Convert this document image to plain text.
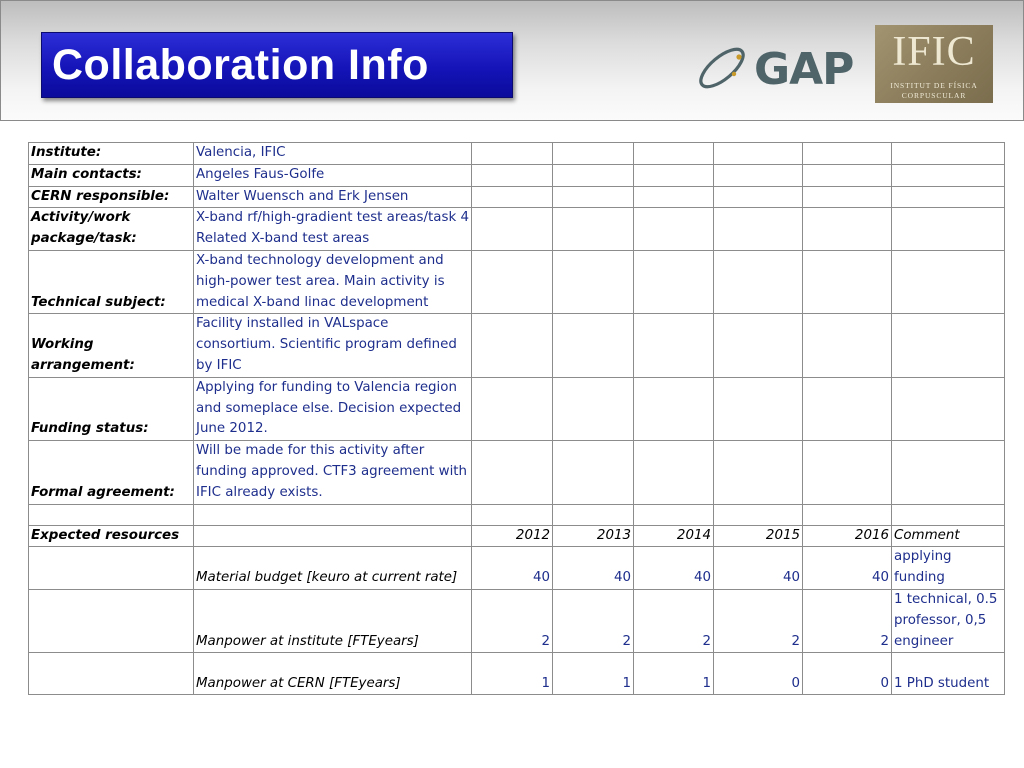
Collaboration Info	GAP IFIC
INSTITUT DE FÍSICA
CORPUSCULAR
Institute:	Valencia, IFIC						
Main contacts:	Angeles Faus-Golfe						
CERN responsible:	Walter Wuensch and Erk Jensen						
Activity/work package/task:	X-band rf/high-gradient test areas/task 4 Related X-band test areas						
Technical subject:	X-band technology development and high-power test area. Main activity is medical X-band linac development						
Working arrangement:	Facility installed in VALspace consortium. Scientific program defined by IFIC						
Funding status:	Applying for funding to Valencia region and someplace else. Decision expected June 2012.						
Formal agreement:	Will be made for this activity after funding approved. CTF3 agreement with IFIC already exists.						

Expected resources		2012	2013	2014	2015	2016	Comment
	Material budget [keuro at current rate]	40	40	40	40	40	applying funding
	Manpower at institute [FTEyears]	2	2	2	2	2	1 technical, 0.5 professor, 0,5 engineer
	Manpower at CERN [FTEyears]	1	1	1	0	0	1 PhD student
